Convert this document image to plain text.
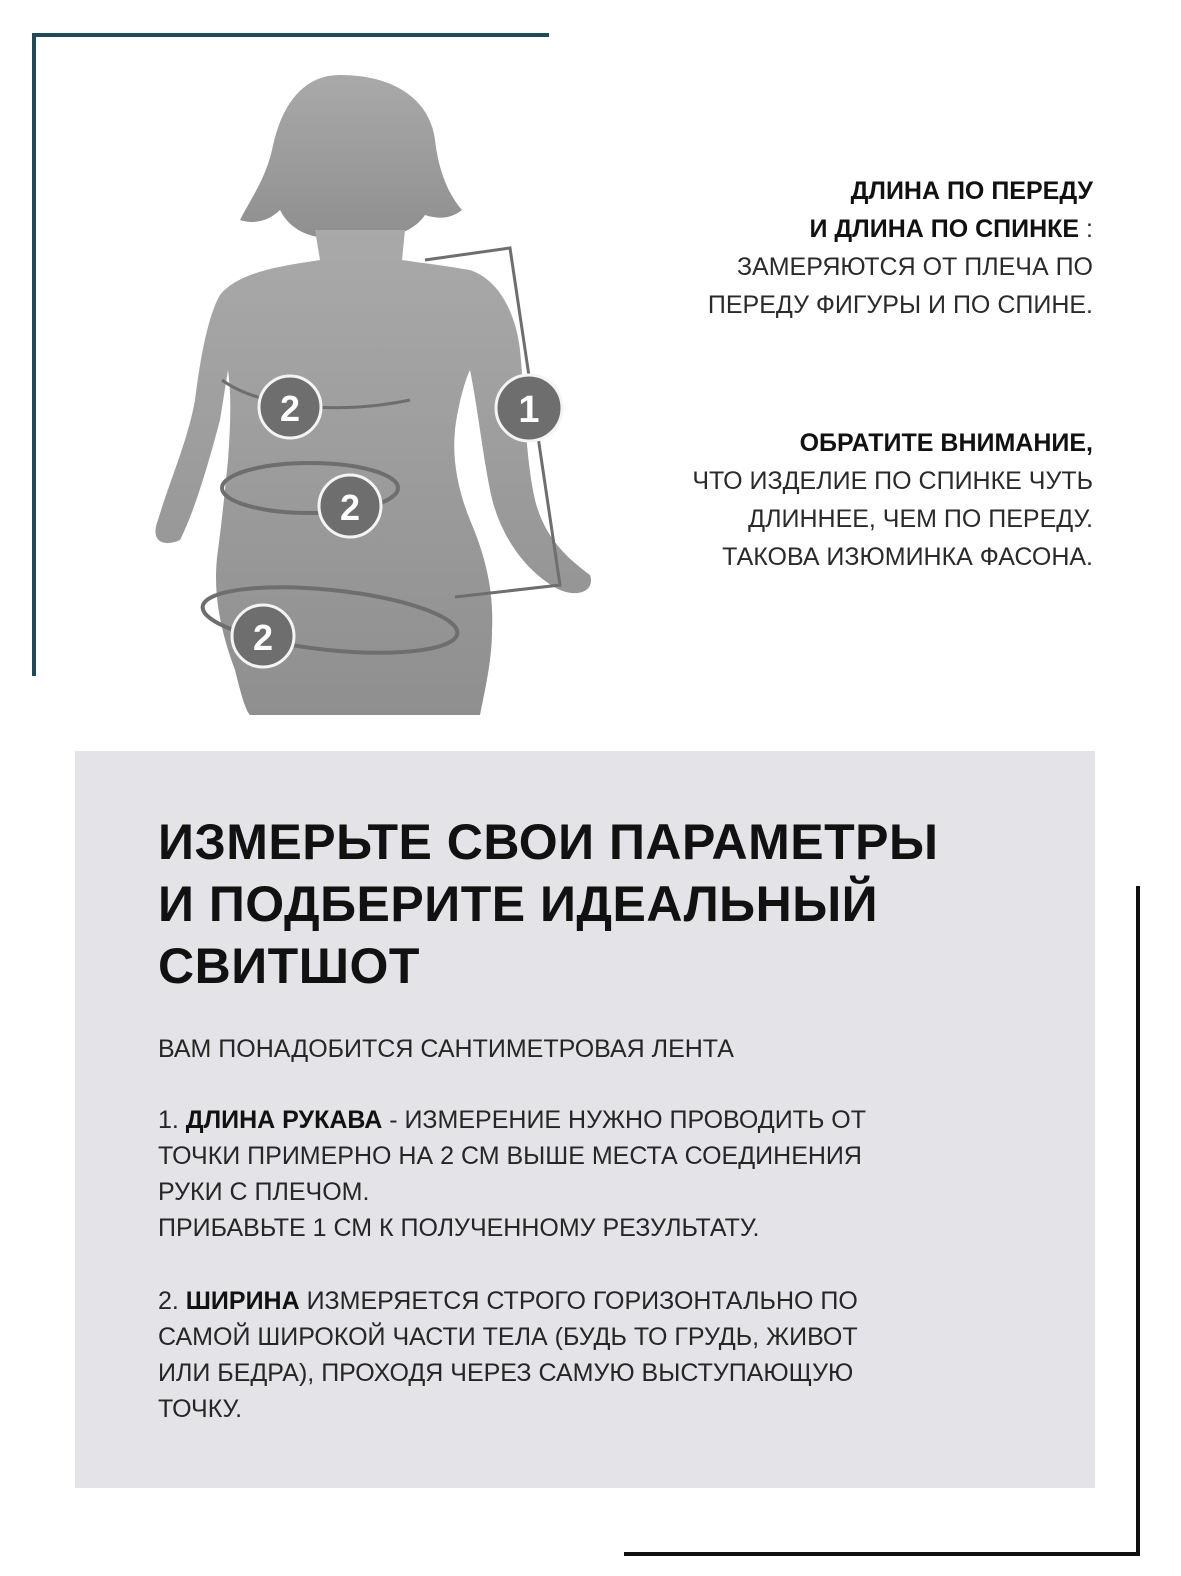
1
2
2
2
ДЛИНА ПО ПЕРЕДУ
И ДЛИНА ПО СПИНКЕ :
ЗАМЕРЯЮТСЯ ОТ ПЛЕЧА ПО
ПЕРЕДУ ФИГУРЫ И ПО СПИНЕ.
ОБРАТИТЕ ВНИМАНИЕ,
ЧТО ИЗДЕЛИЕ ПО СПИНКЕ ЧУТЬ
ДЛИННЕЕ, ЧЕМ ПО ПЕРЕДУ.
ТАКОВА ИЗЮМИНКА ФАСОНА.
ИЗМЕРЬТЕ СВОИ ПАРАМЕТРЫ
И ПОДБЕРИТЕ ИДЕАЛЬНЫЙ
СВИТШОТ
ВАМ ПОНАДОБИТСЯ САНТИМЕТРОВАЯ ЛЕНТА
1. ДЛИНА РУКАВА - ИЗМЕРЕНИЕ НУЖНО ПРОВОДИТЬ ОТ
ТОЧКИ ПРИМЕРНО НА 2 СМ ВЫШЕ МЕСТА СОЕДИНЕНИЯ
РУКИ С ПЛЕЧОМ.
ПРИБАВЬТЕ 1 СМ К ПОЛУЧЕННОМУ РЕЗУЛЬТАТУ.
2. ШИРИНА ИЗМЕРЯЕТСЯ СТРОГО ГОРИЗОНТАЛЬНО ПО
САМОЙ ШИРОКОЙ ЧАСТИ ТЕЛА (БУДЬ ТО ГРУДЬ, ЖИВОТ
ИЛИ БЕДРА), ПРОХОДЯ ЧЕРЕЗ САМУЮ ВЫСТУПАЮЩУЮ
ТОЧКУ.
